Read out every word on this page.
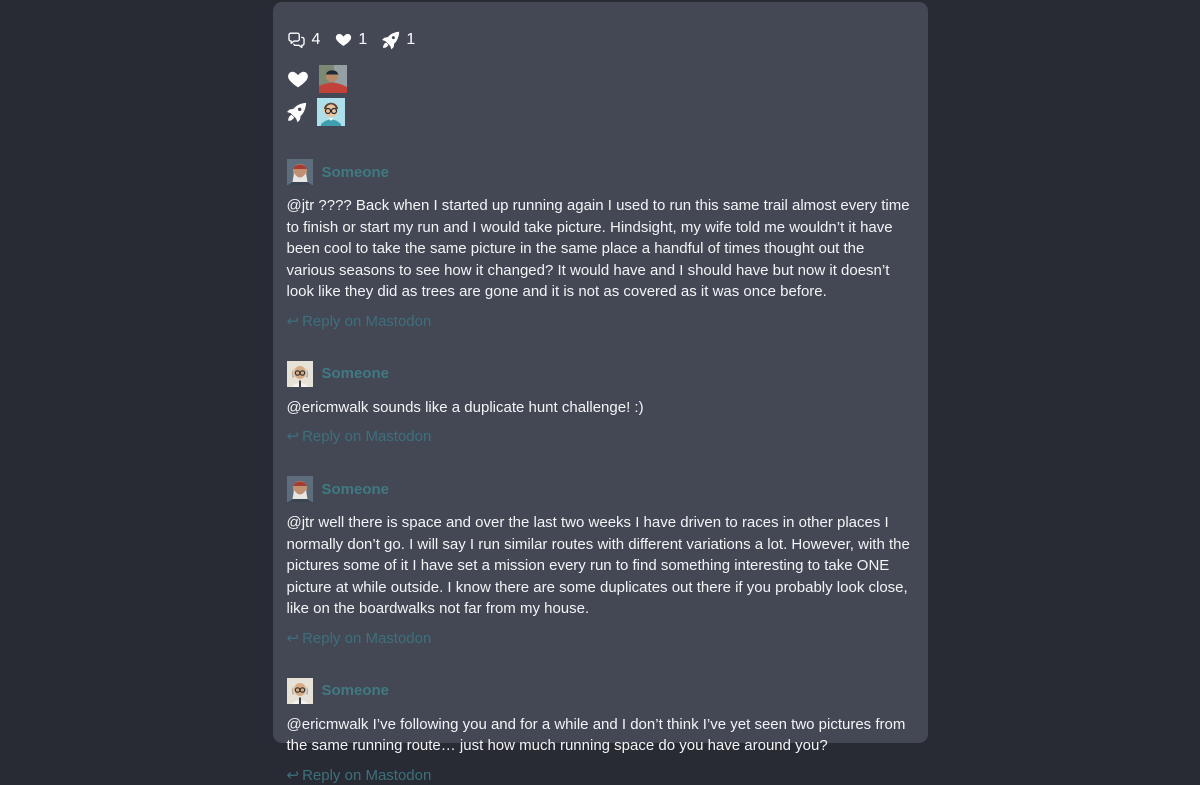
4 1 1
Someone

@jtr ???? Back when I started up running again I used to run this same trail almost every time to finish or start my run and I would take picture. Hindsight, my wife told me wouldn’t it have been cool to take the same picture in the same place a handful of times thought out the various seasons to see how it changed? It would have and I should have but now it doesn’t look like they did as trees are gone and it is not as covered as it was once before.

↩ Reply on Mastodon
Someone

@ericmwalk sounds like a duplicate hunt challenge! :)

↩ Reply on Mastodon
Someone

@jtr well there is space and over the last two weeks I have driven to races in other places I normally don’t go. I will say I run similar routes with different variations a lot. However, with the pictures some of it I have set a mission every run to find something interesting to take ONE picture at while outside. I know there are some duplicates out there if you probably look close, like on the boardwalks not far from my house.

↩ Reply on Mastodon
Someone

@ericmwalk I’ve following you and for a while and I don’t think I’ve yet seen two pictures from the same running route… just how much running space do you have around you?

↩ Reply on Mastodon
